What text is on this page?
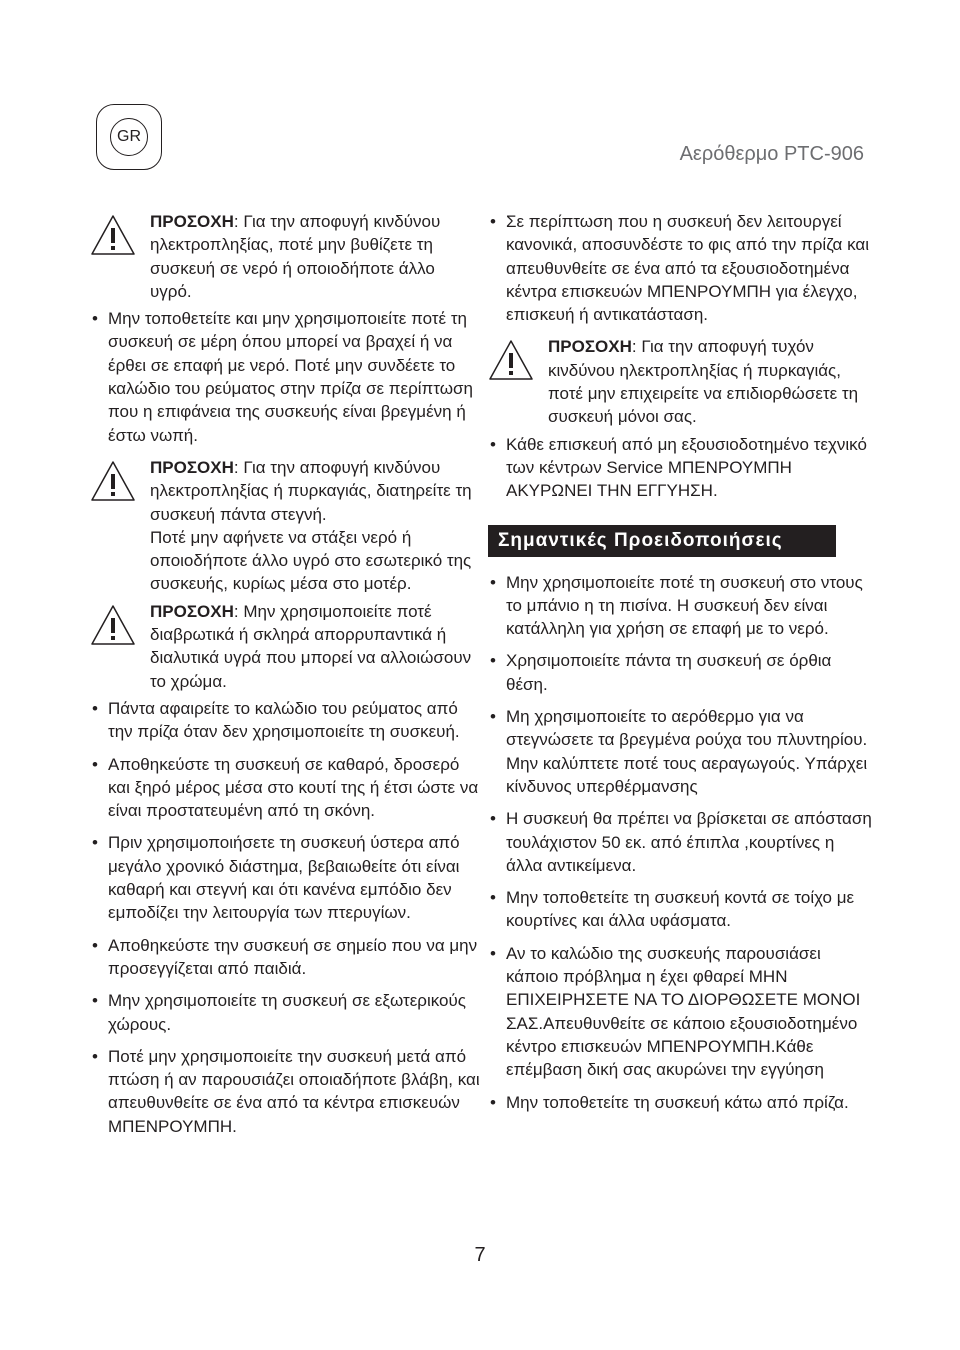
GR
Αερόθερμο PTC-906
ΠΡΟΣΟΧΗ: Για την αποφυγή κινδύνου ηλεκτροπληξίας, ποτέ μην βυθίζετε τη συσκευή σε νερό ή οποιοδήποτε άλλο υγρό.
• Μην τοποθετείτε και μην χρησιμοποιείτε ποτέ τη συσκευή σε μέρη όπου μπορεί να βραχεί ή να έρθει σε επαφή με νερό. Ποτέ μην συνδέετε το καλώδιο του ρεύματος στην πρίζα σε περίπτωση που η επιφάνεια της συσκευής είναι βρεγμένη ή έστω νωπή.
ΠΡΟΣΟΧΗ: Για την αποφυγή κινδύνου ηλεκτροπληξίας ή πυρκαγιάς, διατηρείτε τη συσκευή πάντα στεγνή.
Ποτέ μην αφήνετε να στάξει νερό ή οποιοδήποτε άλλο υγρό στο εσωτερικό της συσκευής, κυρίως μέσα στο μοτέρ.
ΠΡΟΣΟΧΗ: Μην χρησιμοποιείτε ποτέ διαβρωτικά ή σκληρά απορρυπαντικά ή διαλυτικά υγρά που μπορεί να αλλοιώσουν το χρώμα.
• Πάντα αφαιρείτε το καλώδιο του ρεύματος από την πρίζα όταν δεν χρησιμοποιείτε τη συσκευή.
• Αποθηκεύστε τη συσκευή σε καθαρό, δροσερό και ξηρό μέρος μέσα στο κουτί της ή έτσι ώστε να είναι προστατευμένη από τη σκόνη.
• Πριν χρησιμοποιήσετε τη συσκευή ύστερα από μεγάλο χρονικό διάστημα, βεβαιωθείτε ότι είναι καθαρή και στεγνή και ότι κανένα εμπόδιο δεν εμποδίζει την λειτουργία των πτερυγίων.
• Αποθηκεύστε την συσκευή σε σημείο που να μην προσεγγίζεται από παιδιά.
• Μην χρησιμοποιείτε τη συσκευή σε εξωτερικούς χώρους.
• Ποτέ μην χρησιμοποιείτε την συσκευή μετά από πτώση ή αν παρουσιάζει οποιαδήποτε βλάβη, και απευθυνθείτε σε ένα από τα κέντρα επισκευών ΜΠΕΝΡΟΥΜΠΗ.
• Σε περίπτωση που η συσκευή δεν λειτουργεί κανονικά, αποσυνδέστε το φις από την πρίζα και απευθυνθείτε σε ένα από τα εξουσιοδοτημένα κέντρα επισκευών ΜΠΕΝΡΟΥΜΠΗ για έλεγχο, επισκευή ή αντικατάσταση.
ΠΡΟΣΟΧΗ: Για την αποφυγή τυχόν κινδύνου ηλεκτροπληξίας ή πυρκαγιάς, ποτέ μην επιχειρείτε να επιδιορθώσετε τη συσκευή μόνοι σας.
• Κάθε επισκευή από μη εξουσιοδοτημένο τεχνικό των κέντρων Service ΜΠΕΝΡΟΥΜΠΗ ΑΚΥΡΩΝΕΙ ΤΗΝ ΕΓΓΥΗΣΗ.
Σημαντικές Προειδοποιήσεις
• Μην χρησιμοποιείτε ποτέ τη συσκευή στο ντους το μπάνιο η τη πισίνα. Η συσκευή δεν είναι κατάλληλη για χρήση σε επαφή με το νερό.
• Χρησιμοποιείτε πάντα τη συσκευή σε όρθια θέση.
• Μη χρησιμοποιείτε το αερόθερμο για να στεγνώσετε τα βρεγμένα ρούχα του πλυντηρίου. Μην καλύπτετε ποτέ τους αεραγωγούς. Υπάρχει κίνδυνος υπερθέρμανσης
• Η συσκευή θα πρέπει να βρίσκεται σε απόσταση τουλάχιστον 50 εκ. από έπιπλα ,κουρτίνες η άλλα αντικείμενα.
• Μην τοποθετείτε τη συσκευή κοντά σε τοίχο με κουρτίνες και άλλα υφάσματα.
• Αν το καλώδιο της συσκευής παρουσιάσει κάποιο πρόβλημα η έχει φθαρεί ΜΗΝ ΕΠΙΧΕΙΡΗΣΕΤΕ ΝΑ ΤΟ ΔΙΟΡΘΩΣΕΤΕ ΜΟΝΟΙ ΣΑΣ.Απευθυνθείτε σε κάποιο εξουσιοδοτημένο κέντρο επισκευών ΜΠΕΝΡΟΥΜΠΗ.Κάθε επέμβαση δική σας ακυρώνει την εγγύηση
• Μην τοποθετείτε τη συσκευή κάτω από πρίζα.
7
